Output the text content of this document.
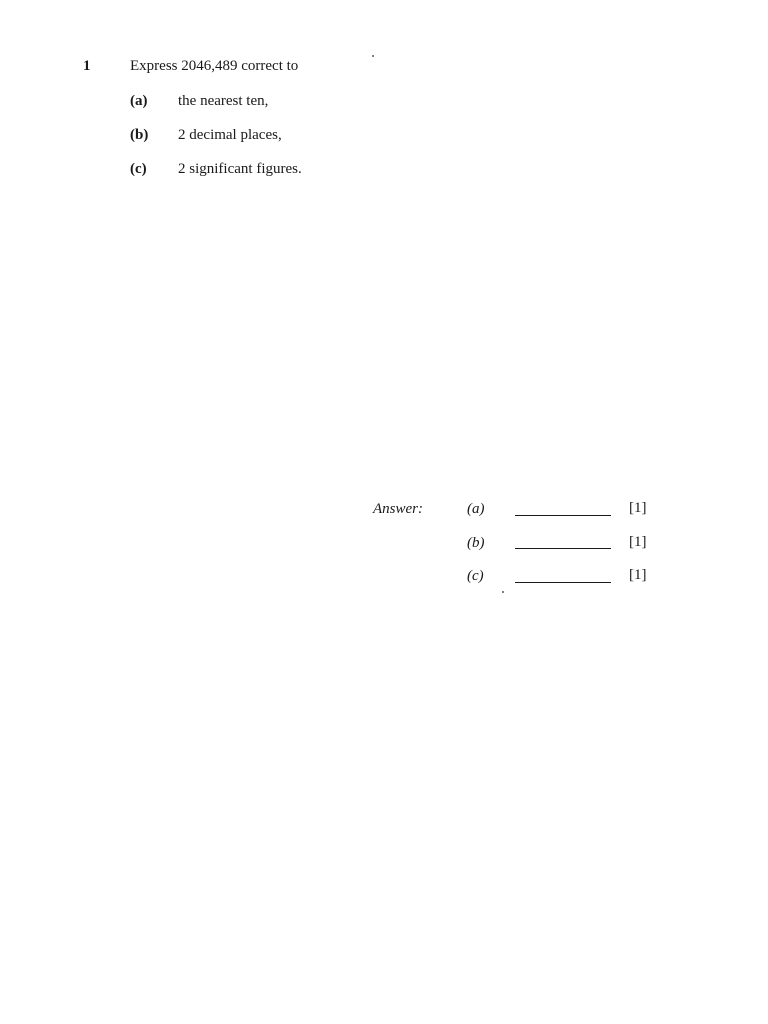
1	Express 2046,489 correct to
(a) the nearest ten,
(b) 2 decimal places,
(c) 2 significant figures.
Answer:	(a)	[1]
(b)	[1]
(c)	[1]
